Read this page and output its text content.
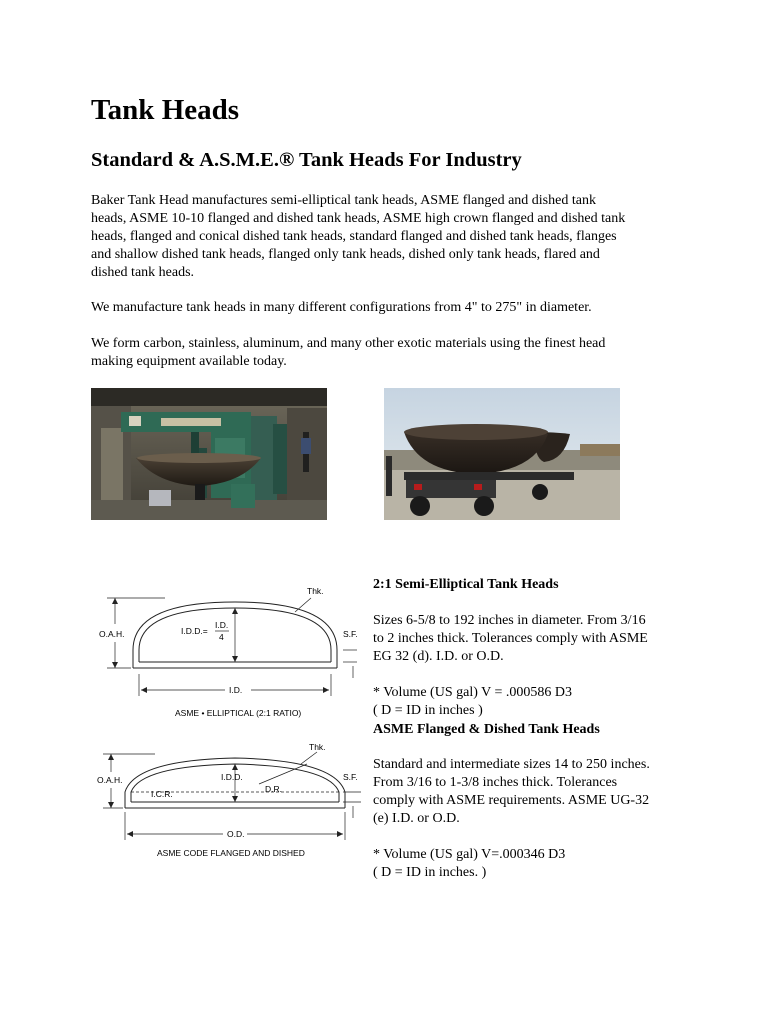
Tank Heads
Standard & A.S.M.E.® Tank Heads For Industry
Baker Tank Head manufactures semi-elliptical tank heads, ASME flanged and dished tank
heads, ASME 10-10 flanged and dished tank heads, ASME high crown flanged and dished tank
heads, flanged and conical dished tank heads, standard flanged and dished tank heads, flanges
and shallow dished tank heads, flanged only tank heads, dished only tank heads, flared and
dished tank heads.
We manufacture tank heads in many different configurations from 4" to 275" in diameter.
We form carbon, stainless, aluminum, and many other exotic materials using the finest head
making equipment available today.
Thk.
O.A.H.	I.D.D.=
I.D.
4	S.F.
I.D.
ASME • ELLIPTICAL (2:1 RATIO)
Thk.
O.A.H.	I.D.D.
I.C.R.	D.R.
S.F.
O.D.
ASME CODE FLANGED AND DISHED
2:1 Semi-Elliptical Tank Heads
Sizes 6-5/8 to 192 inches in diameter. From 3/16
to 2 inches thick. Tolerances comply with ASME
EG 32 (d). I.D. or O.D.
* Volume (US gal) V = .000586 D3
( D = ID in inches )
ASME Flanged & Dished Tank Heads
Standard and intermediate sizes 14 to 250 inches.
From 3/16 to 1-3/8 inches thick. Tolerances
comply with ASME requirements. ASME UG-32
(e) I.D. or O.D.
* Volume (US gal) V=.000346 D3
( D = ID in inches. )
